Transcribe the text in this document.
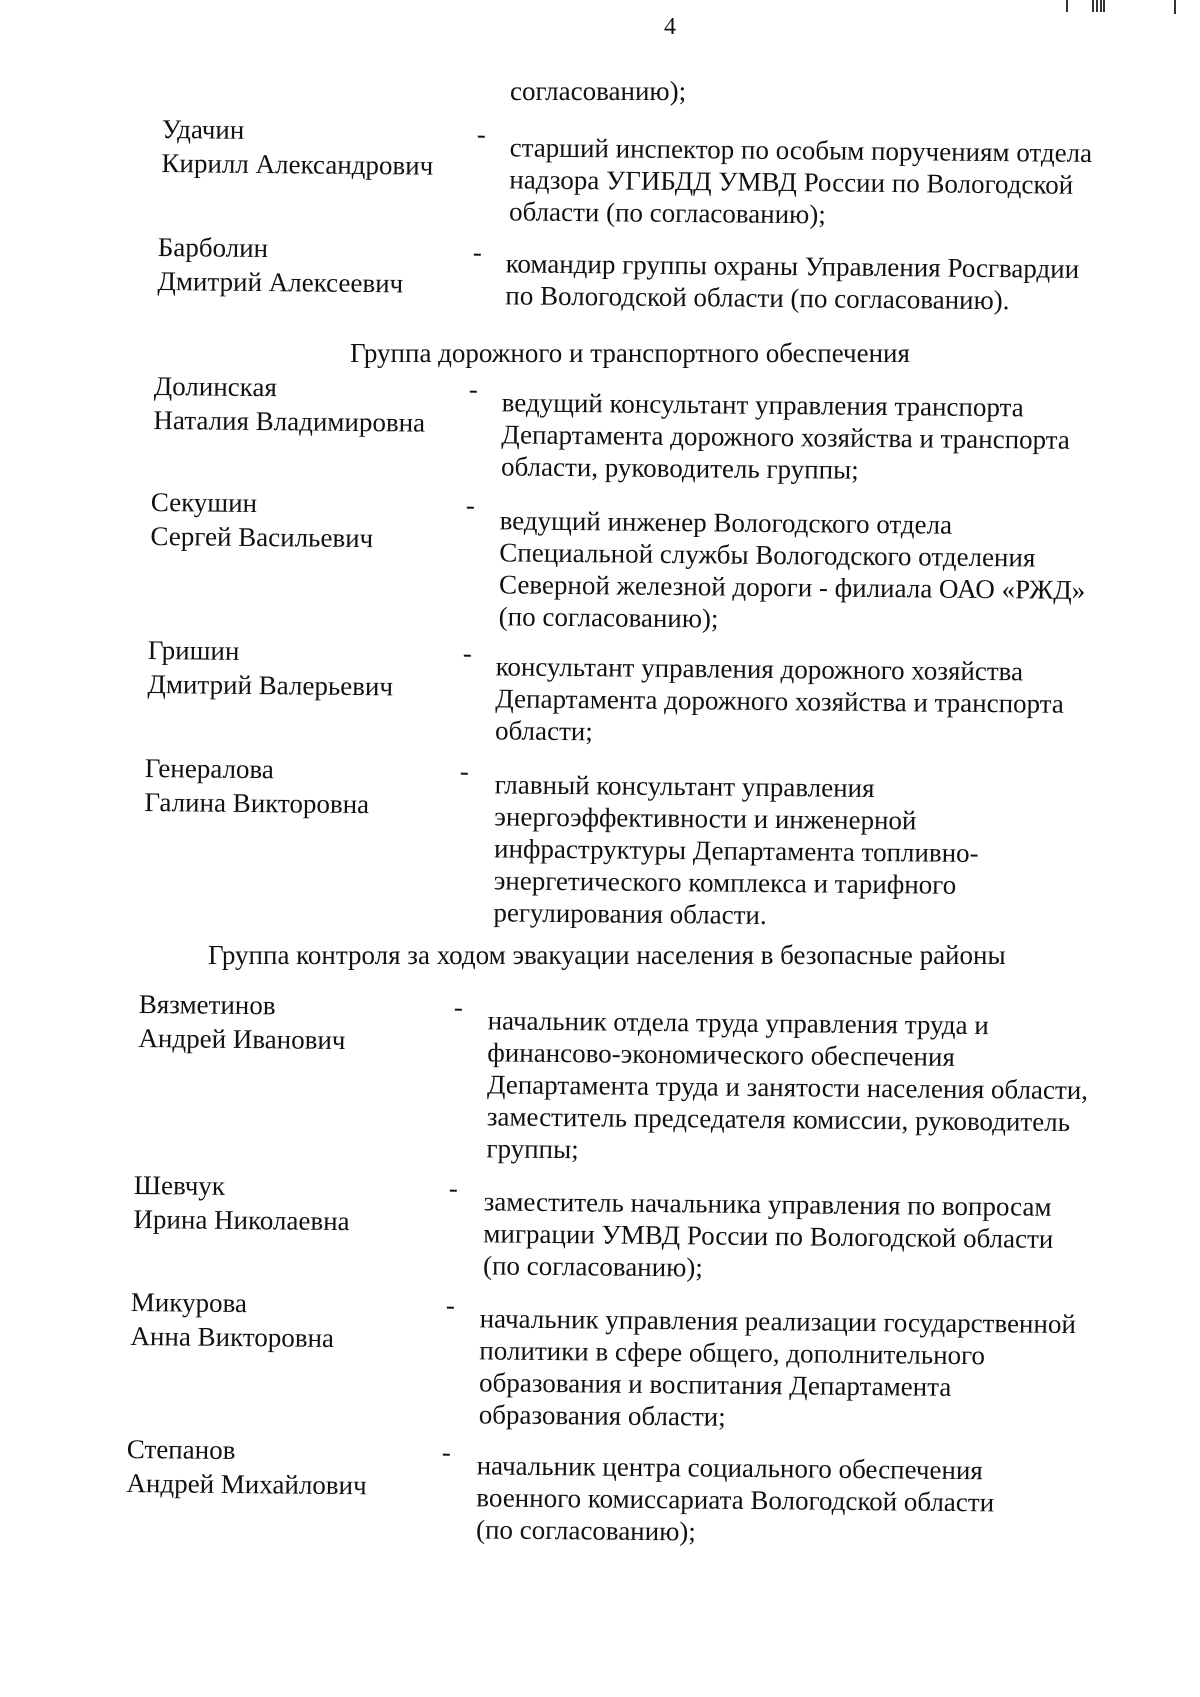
4
согласованию);
Удачин
Кирилл Александрович
- старший инспектор по особым поручениям отдела
надзора УГИБДД УМВД России по Вологодской
области (по согласованию);
Барболин
Дмитрий Алексеевич
- командир группы охраны Управления Росгвардии
по Вологодской области (по согласованию).
Группа дорожного и транспортного обеспечения
Долинская
Наталия Владимировна
- ведущий консультант управления транспорта
Департамента дорожного хозяйства и транспорта
области, руководитель группы;
Секушин
Сергей Васильевич
-
ведущий инженер Вологодского отдела
Специальной службы Вологодского отделения
Северной железной дороги - филиала ОАО «РЖД»
(по согласованию);
Гришин
Дмитрий Валерьевич
- консультант управления дорожного хозяйства
Департамента дорожного хозяйства и транспорта
области;
Генералова
Галина Викторовна
- главный консультант управления
энергоэффективности и инженерной
инфраструктуры Департамента топливно-
энергетического комплекса и тарифного
регулирования области.
Группа контроля за ходом эвакуации населения в безопасные районы
Вязметинов
Андрей Иванович
- начальник отдела труда управления труда и
финансово-экономического обеспечения
Департамента труда и занятости населения области,
заместитель председателя комиссии, руководитель
группы;
Шевчук
Ирина Николаевна
- заместитель начальника управления по вопросам
миграции УМВД России по Вологодской области
(по согласованию);
Микурова
Анна Викторовна
- начальник управления реализации государственной
политики в сфере общего, дополнительного
образования и воспитания Департамента
образования области;
Степанов
Андрей Михайлович
- начальник центра социального обеспечения
военного комиссариата Вологодской области
(по согласованию);
